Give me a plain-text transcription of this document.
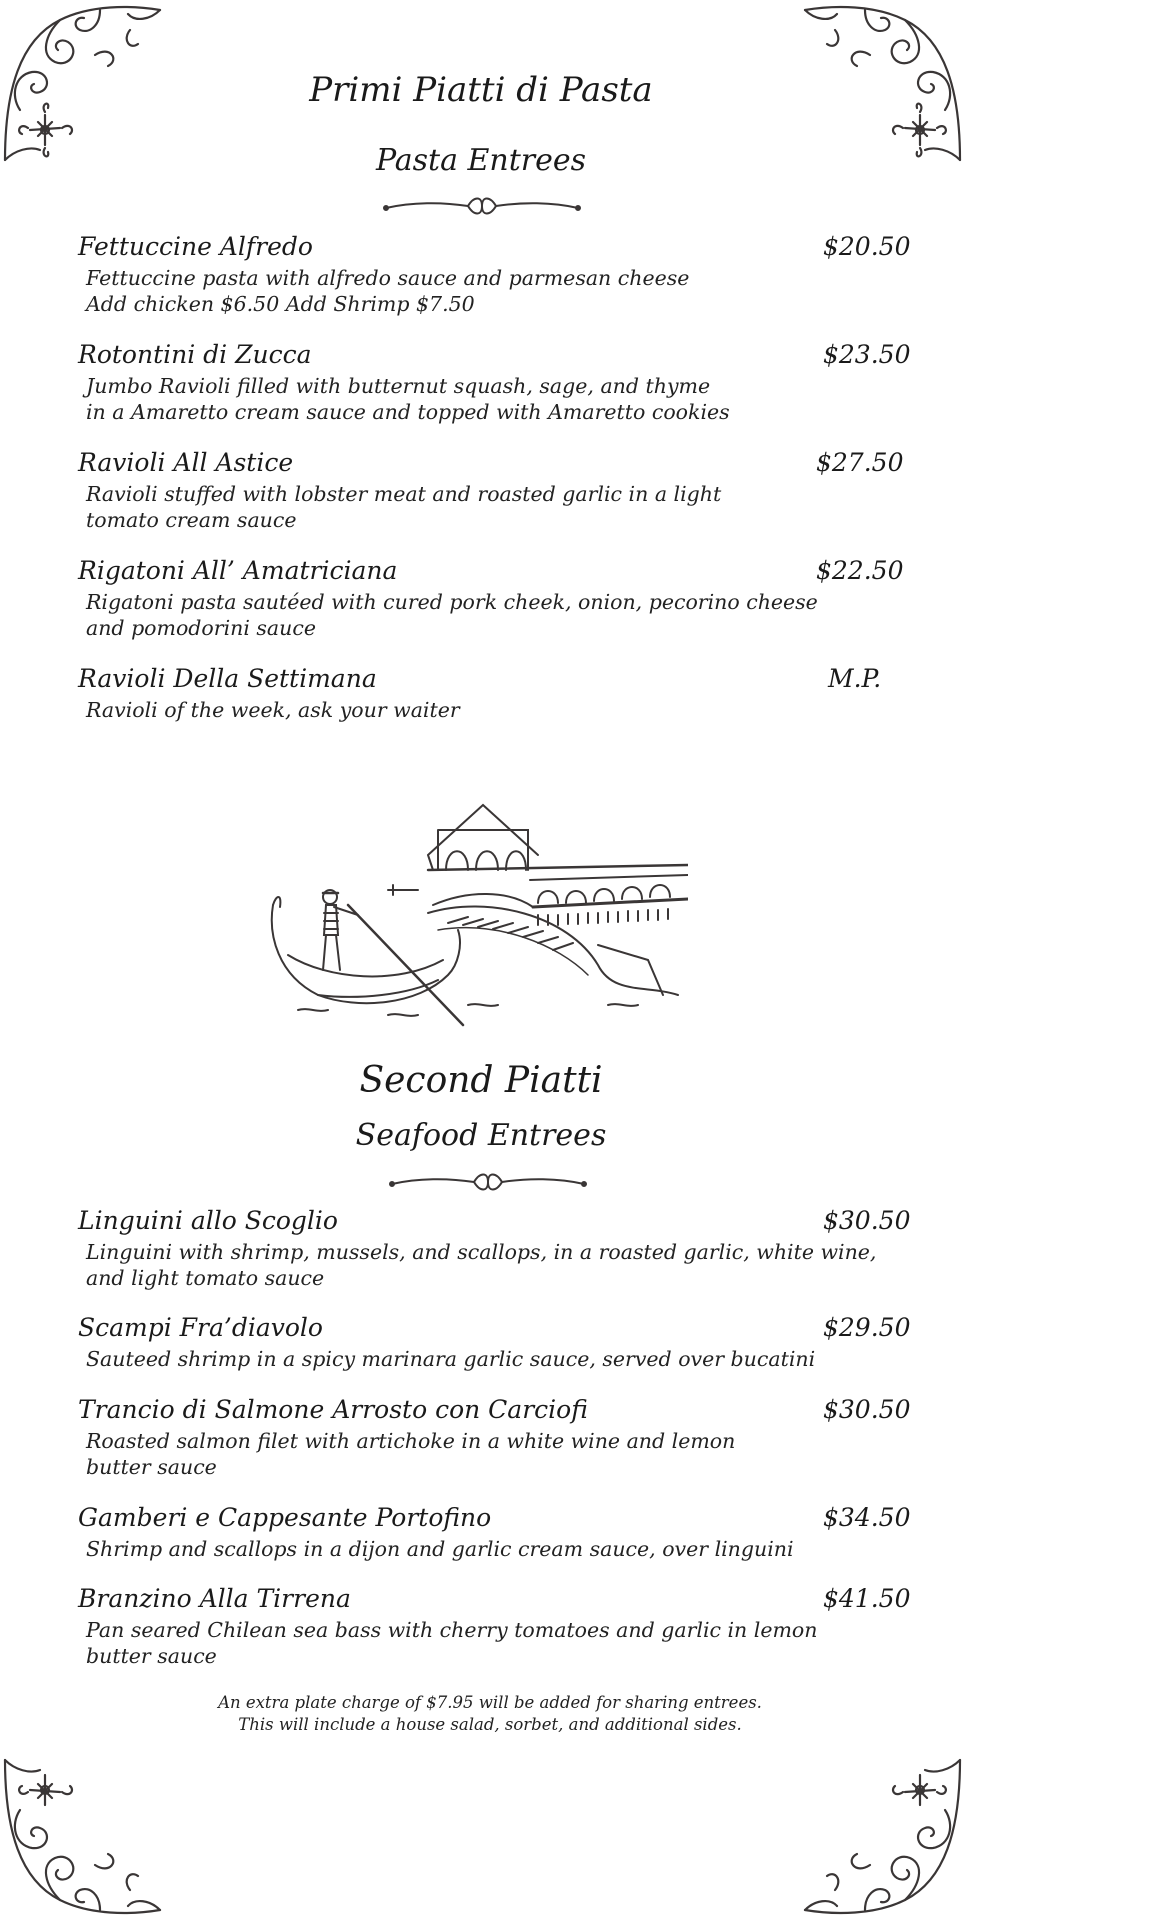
Primi Piatti di Pasta
Pasta Entrees
Fettuccine Alfredo	$20.50
Fettuccine pasta with alfredo sauce and parmesan cheese
Add chicken $6.50 Add Shrimp $7.50
Rotontini di Zucca	$23.50
Jumbo Ravioli filled with butternut squash, sage, and thyme
in a Amaretto cream sauce and topped with Amaretto cookies
Ravioli All Astice	$27.50
Ravioli stuffed with lobster meat and roasted garlic in a light
tomato cream sauce
Rigatoni All’ Amatriciana	$22.50
Rigatoni pasta sautéed with cured pork cheek, onion, pecorino cheese
and pomodorini sauce
Ravioli Della Settimana	M.P.
Ravioli of the week, ask your waiter
Second Piatti
Seafood Entrees
Linguini allo Scoglio	$30.50
Linguini with shrimp, mussels, and scallops, in a roasted garlic, white wine,
and light tomato sauce
Scampi Fra’diavolo	$29.50
Sauteed shrimp in a spicy marinara garlic sauce, served over bucatini
Trancio di Salmone Arrosto con Carciofi	$30.50
Roasted salmon filet with artichoke in a white wine and lemon
butter sauce
Gamberi e Cappesante Portofino	$34.50
Shrimp and scallops in a dijon and garlic cream sauce, over linguini
Branzino Alla Tirrena	$41.50
Pan seared Chilean sea bass with cherry tomatoes and garlic in lemon
butter sauce
An extra plate charge of $7.95 will be added for sharing entrees.
This will include a house salad, sorbet, and additional sides.
